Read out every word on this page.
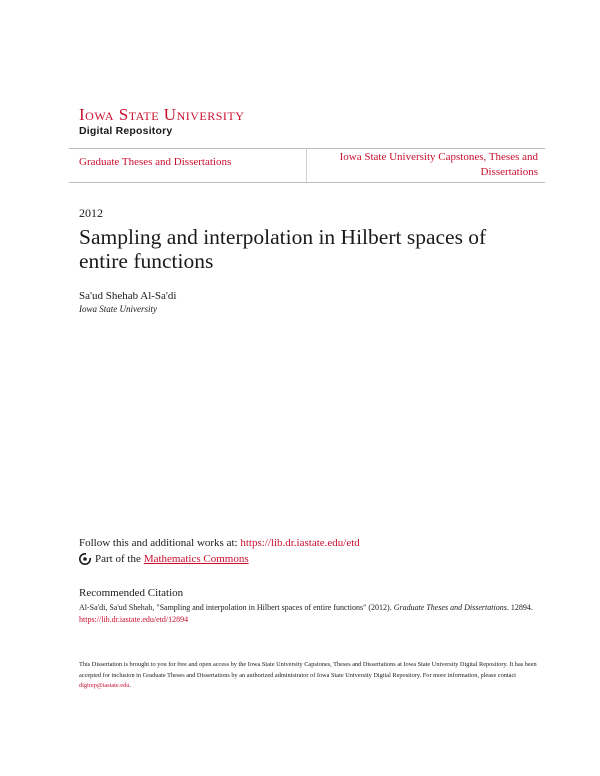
Iowa State University
Digital Repository
Graduate Theses and Dissertations	Iowa State University Capstones, Theses and Dissertations
2012
Sampling and interpolation in Hilbert spaces of entire functions
Sa'ud Shehab Al-Sa'di
Iowa State University
Follow this and additional works at: https://lib.dr.iastate.edu/etd
Part of the Mathematics Commons
Recommended Citation
Al-Sa'di, Sa'ud Shehab, "Sampling and interpolation in Hilbert spaces of entire functions" (2012). Graduate Theses and Dissertations. 12894.
https://lib.dr.iastate.edu/etd/12894
This Dissertation is brought to you for free and open access by the Iowa State University Capstones, Theses and Dissertations at Iowa State University Digital Repository. It has been accepted for inclusion in Graduate Theses and Dissertations by an authorized administrator of Iowa State University Digital Repository. For more information, please contact digirep@iastate.edu.
